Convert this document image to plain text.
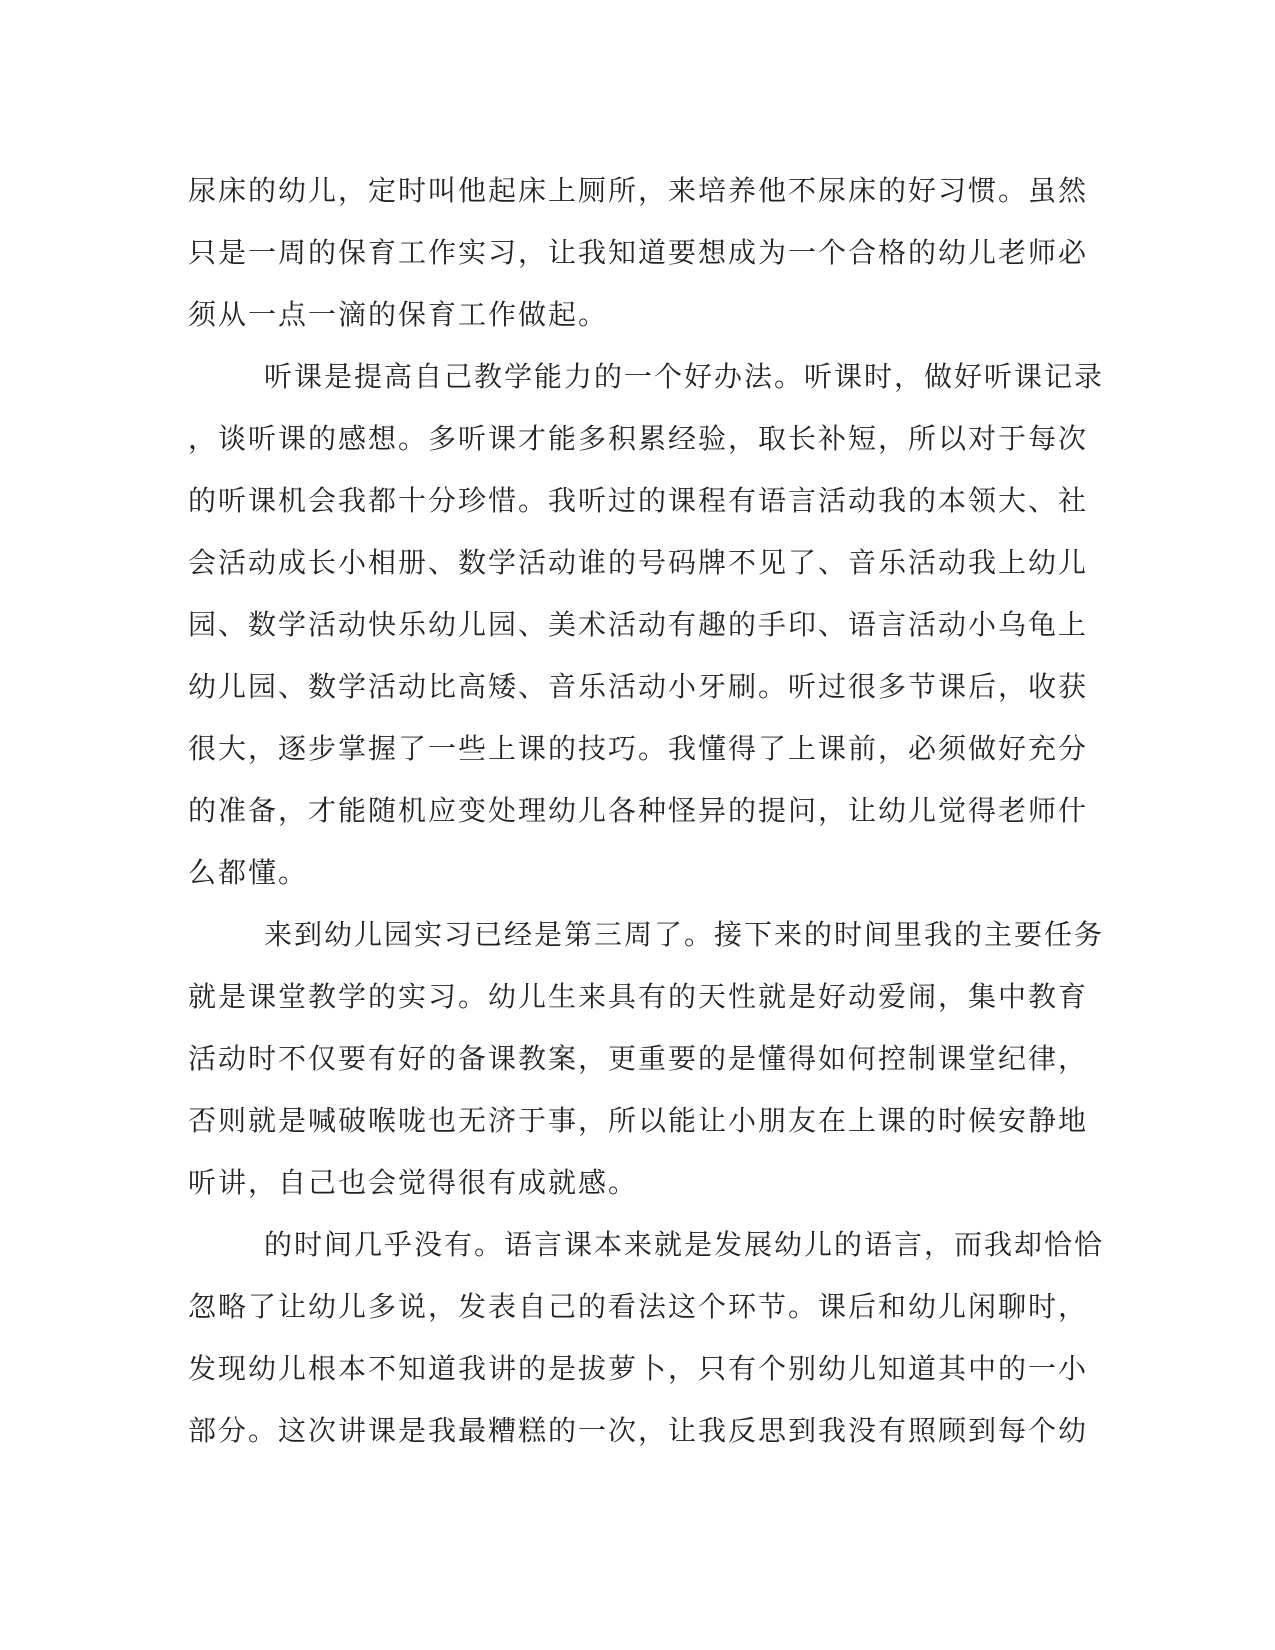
尿床的幼儿，定时叫他起床上厕所，来培养他不尿床的好习惯。虽然
只是一周的保育工作实习，让我知道要想成为一个合格的幼儿老师必
须从一点一滴的保育工作做起。
听课是提高自己教学能力的一个好办法。听课时，做好听课记录
，谈听课的感想。多听课才能多积累经验，取长补短，所以对于每次
的听课机会我都十分珍惜。我听过的课程有语言活动我的本领大、社
会活动成长小相册、数学活动谁的号码牌不见了、音乐活动我上幼儿
园、数学活动快乐幼儿园、美术活动有趣的手印、语言活动小乌龟上
幼儿园、数学活动比高矮、音乐活动小牙刷。听过很多节课后，收获
很大，逐步掌握了一些上课的技巧。我懂得了上课前，必须做好充分
的准备，才能随机应变处理幼儿各种怪异的提问，让幼儿觉得老师什
么都懂。
来到幼儿园实习已经是第三周了。接下来的时间里我的主要任务
就是课堂教学的实习。幼儿生来具有的天性就是好动爱闹，集中教育
活动时不仅要有好的备课教案，更重要的是懂得如何控制课堂纪律，
否则就是喊破喉咙也无济于事，所以能让小朋友在上课的时候安静地
听讲，自己也会觉得很有成就感。
的时间几乎没有。语言课本来就是发展幼儿的语言，而我却恰恰
忽略了让幼儿多说，发表自己的看法这个环节。课后和幼儿闲聊时，
发现幼儿根本不知道我讲的是拔萝卜，只有个别幼儿知道其中的一小
部分。这次讲课是我最糟糕的一次，让我反思到我没有照顾到每个幼
